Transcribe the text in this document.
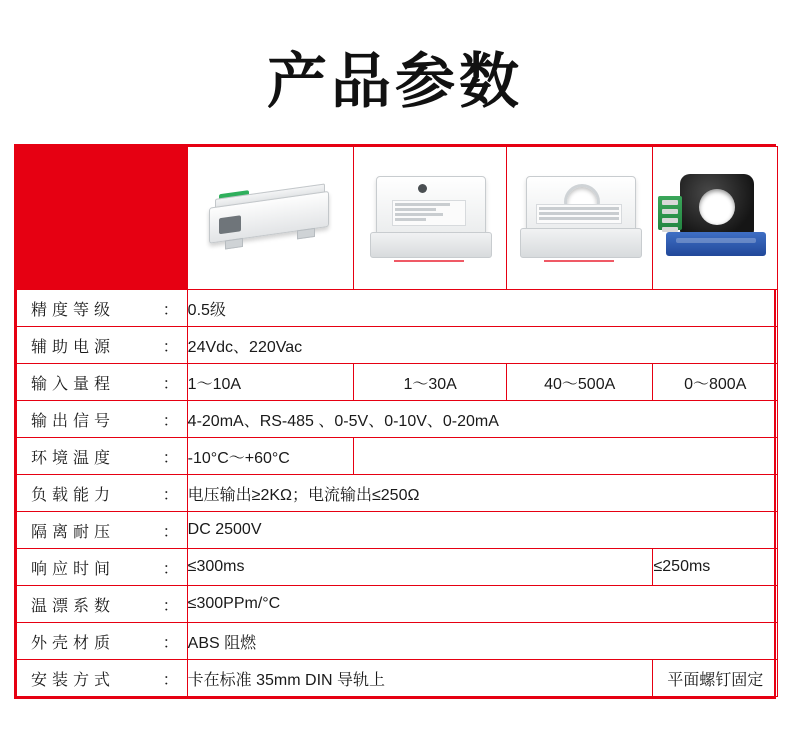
产品参数

精度等级 ：	0.5级			

辅助电源 ：	24Vdc、220Vac			

输入量程 ：	1～10A	1～30A	40～500A	0～800A

输出信号 ：	4-20mA、RS-485 、0-5V、0-10V、0-20mA			

环境温度 ：	-10°C～+60°C			

负载能力 ：	电压输出≥2KΩ；电流输出≤250Ω			

隔离耐压 ：	DC 2500V			

响应时间 ：	≤300ms			≤250ms

温漂系数 ：	≤300PPm/°C			

外壳材质 ：	ABS 阻燃			

安装方式 ：	卡在标准 35mm DIN 导轨上			平面螺钉固定
